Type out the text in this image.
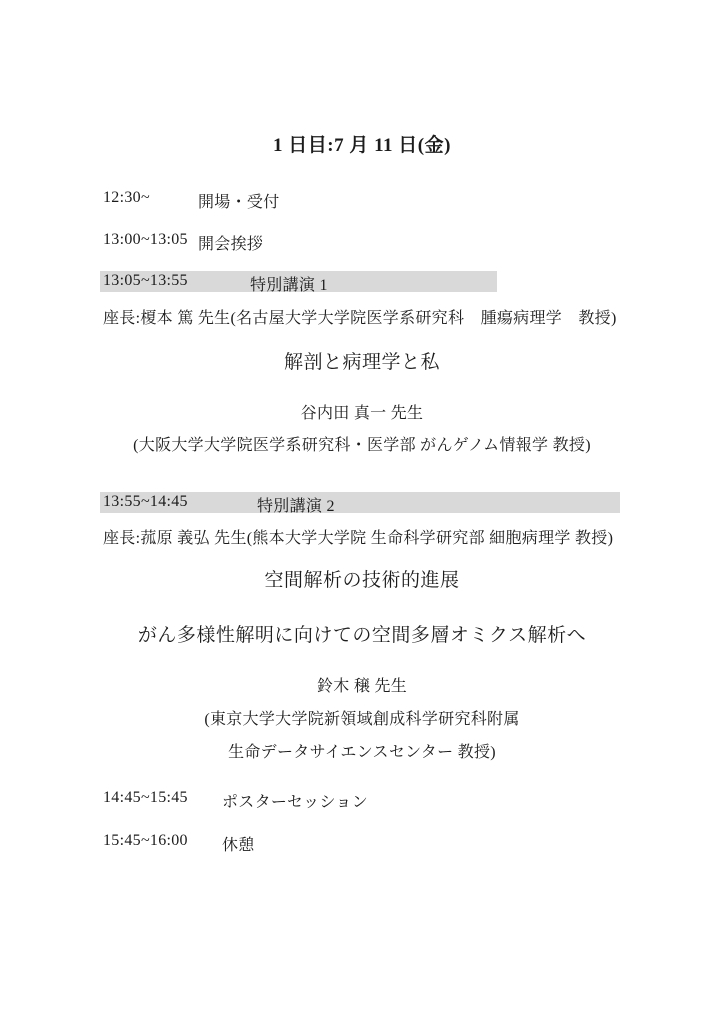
1 日目:7 月 11 日(金)
12:30~	開場・受付
13:00~13:05 開会挨拶
13:05~13:55	特別講演 1
座長:榎本 篤 先生(名古屋大学大学院医学系研究科　腫瘍病理学　教授)
解剖と病理学と私
谷内田 真一 先生
(大阪大学大学院医学系研究科・医学部 がんゲノム情報学 教授)
13:55~14:45	特別講演 2
座長:菰原 義弘 先生(熊本大学大学院 生命科学研究部 細胞病理学 教授)
空間解析の技術的進展
がん多様性解明に向けての空間多層オミクス解析へ
鈴木 穣 先生
(東京大学大学院新領域創成科学研究科附属
生命データサイエンスセンター 教授)
14:45~15:45 ポスターセッション
15:45~16:00 休憩
